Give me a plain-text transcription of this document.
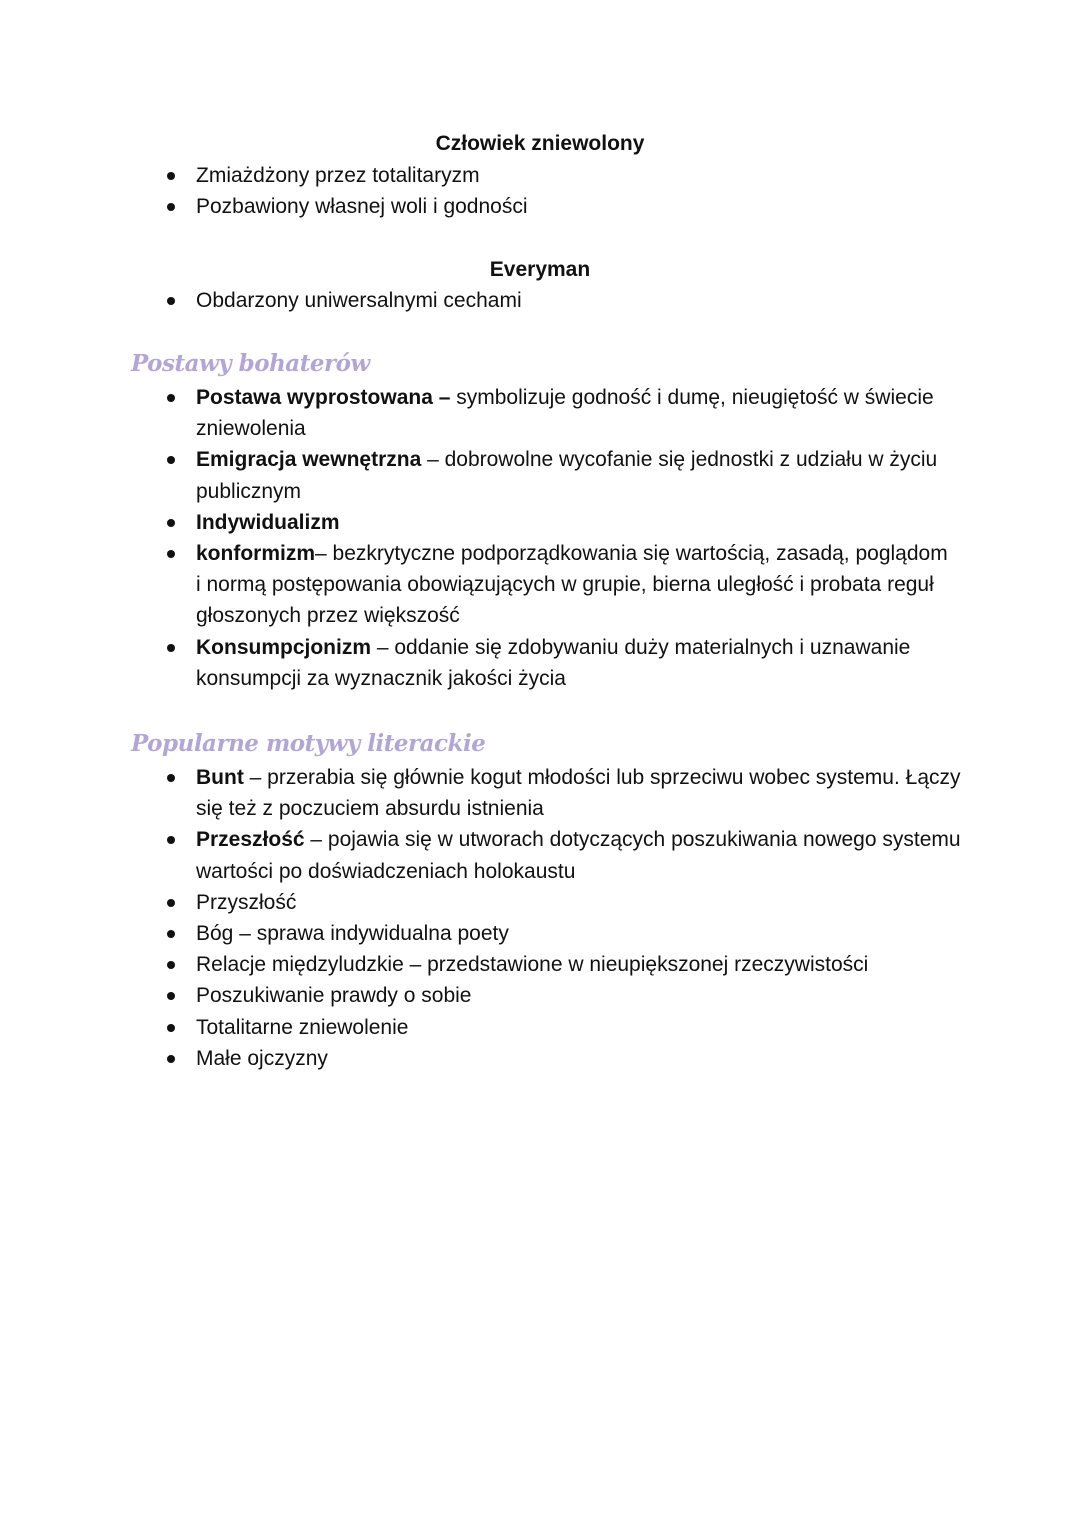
Człowiek zniewolony
Zmiażdżony przez totalitaryzm
Pozbawiony własnej woli i godności
Everyman
Obdarzony uniwersalnymi cechami
Postawy bohaterów
Postawa wyprostowana – symbolizuje godność i dumę, nieugiętość w świecie zniewolenia
Emigracja wewnętrzna – dobrowolne wycofanie się jednostki z udziału w życiu publicznym
Indywidualizm
konformizm– bezkrytyczne podporządkowania się wartością, zasadą, poglądom i normą postępowania obowiązujących w grupie, bierna uległość i probata reguł głoszonych przez większość
Konsumpcjonizm – oddanie się zdobywaniu duży materialnych i uznawanie konsumpcji za wyznacznik jakości życia
Popularne motywy literackie
Bunt – przerabia się głównie kogut młodości lub sprzeciwu wobec systemu. Łączy się też z poczuciem absurdu istnienia
Przeszłość – pojawia się w utworach dotyczących poszukiwania nowego systemu wartości po doświadczeniach holokaustu
Przyszłość
Bóg – sprawa indywidualna poety
Relacje międzyludzkie – przedstawione w nieupiększonej rzeczywistości
Poszukiwanie prawdy o sobie
Totalitarne zniewolenie
Małe ojczyzny
